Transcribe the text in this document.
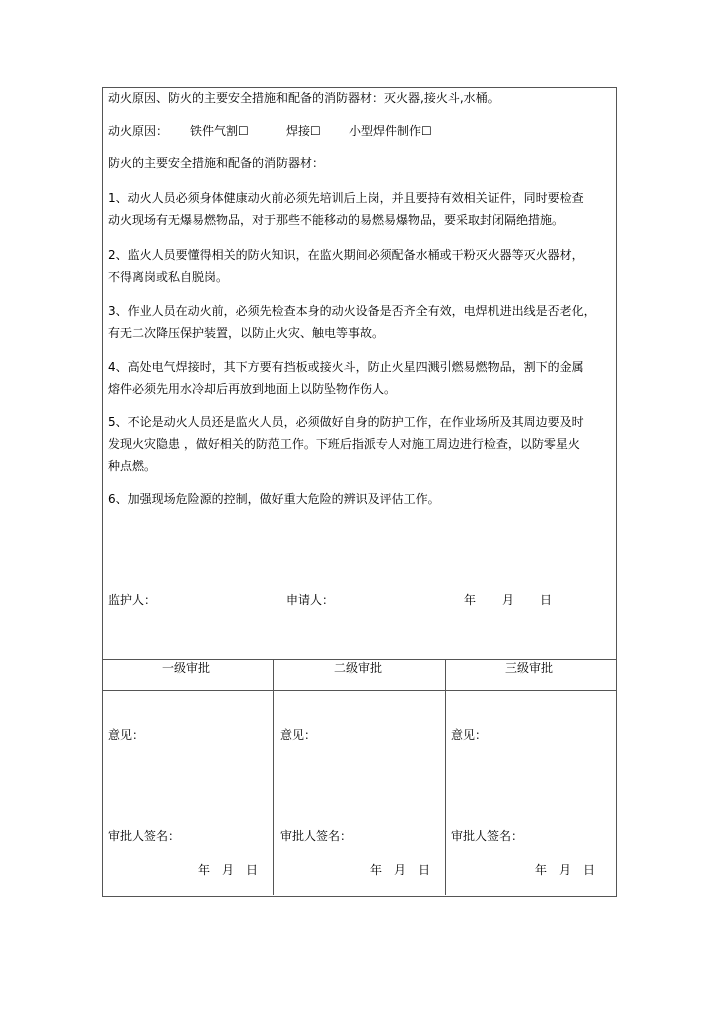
动火原因、防火的主要安全措施和配备的消防器材：灭火器,接火斗,水桶。
动火原因： 铁件气割☐	焊接☐ 小型焊件制作☐
防火的主要安全措施和配备的消防器材：
1、动火人员必须身体健康动火前必须先培训后上岗，并且要持有效相关证件，同时要检查
动火现场有无爆易燃物品，对于那些不能移动的易燃易爆物品，要采取封闭隔绝措施。
2、监火人员要懂得相关的防火知识，在监火期间必须配备水桶或干粉灭火器等灭火器材，
不得离岗或私自脱岗。
3、作业人员在动火前，必须先检查本身的动火设备是否齐全有效，电焊机进出线是否老化，
有无二次降压保护装置，以防止火灾、触电等事故。
4、高处电气焊接时，其下方要有挡板或接火斗，防止火星四溅引燃易燃物品，割下的金属
熔件必须先用水冷却后再放到地面上以防坠物作伤人。
5、不论是动火人员还是监火人员，必须做好自身的防护工作，在作业场所及其周边要及时
发现火灾隐患 ，做好相关的防范工作。下班后指派专人对施工周边进行检查，以防零星火
种点燃。
6、加强现场危险源的控制，做好重大危险的辨识及评估工作。
监护人：	申请人：	年 月 日
一级审批	二级审批	三级审批
意见：	意见：	意见：
审批人签名：	审批人签名：	审批人签名：
年　月　日	年　月　日	年　月　日
